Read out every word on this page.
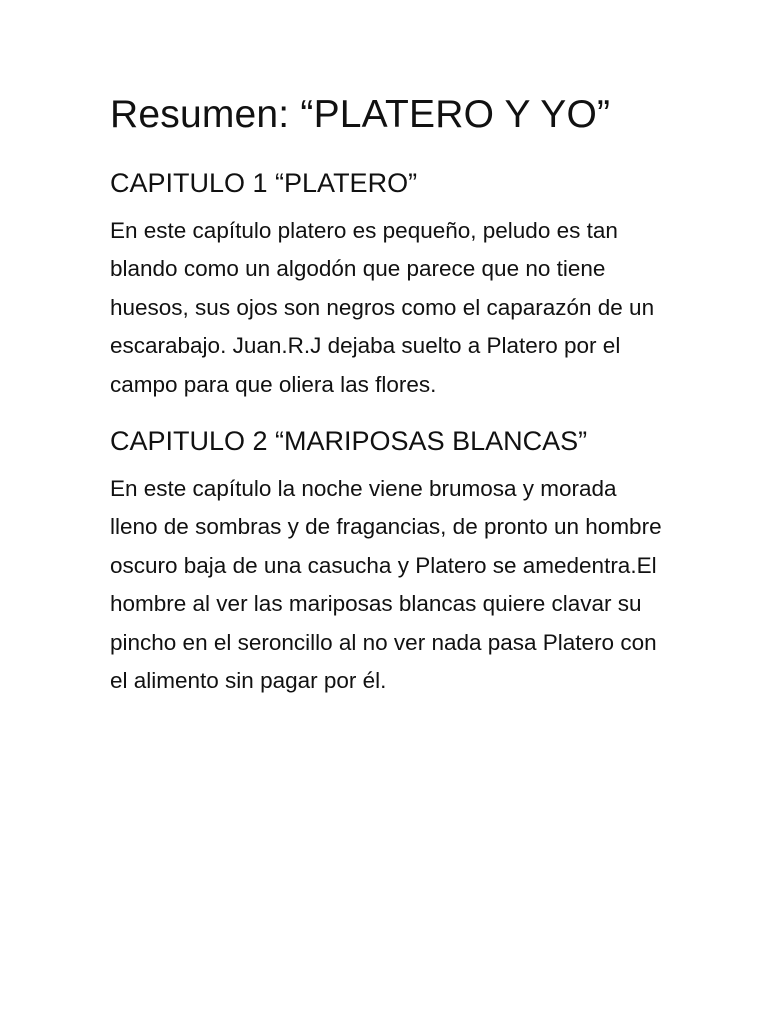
Resumen: “PLATERO Y YO”
CAPITULO 1 “PLATERO”

En este capítulo platero es pequeño, peludo es tan blando como un algodón que parece que no tiene huesos, sus ojos son negros como el caparazón de un escarabajo. Juan.R.J dejaba suelto a Platero por el campo para que oliera las flores.

CAPITULO 2 “MARIPOSAS BLANCAS”

En este capítulo la noche viene brumosa y morada lleno de sombras y de fragancias, de pronto un hombre oscuro baja de una casucha y Platero se amedentra.El hombre al ver las mariposas blancas quiere clavar su pincho en el seroncillo al no ver nada pasa Platero con el alimento sin pagar por él.
